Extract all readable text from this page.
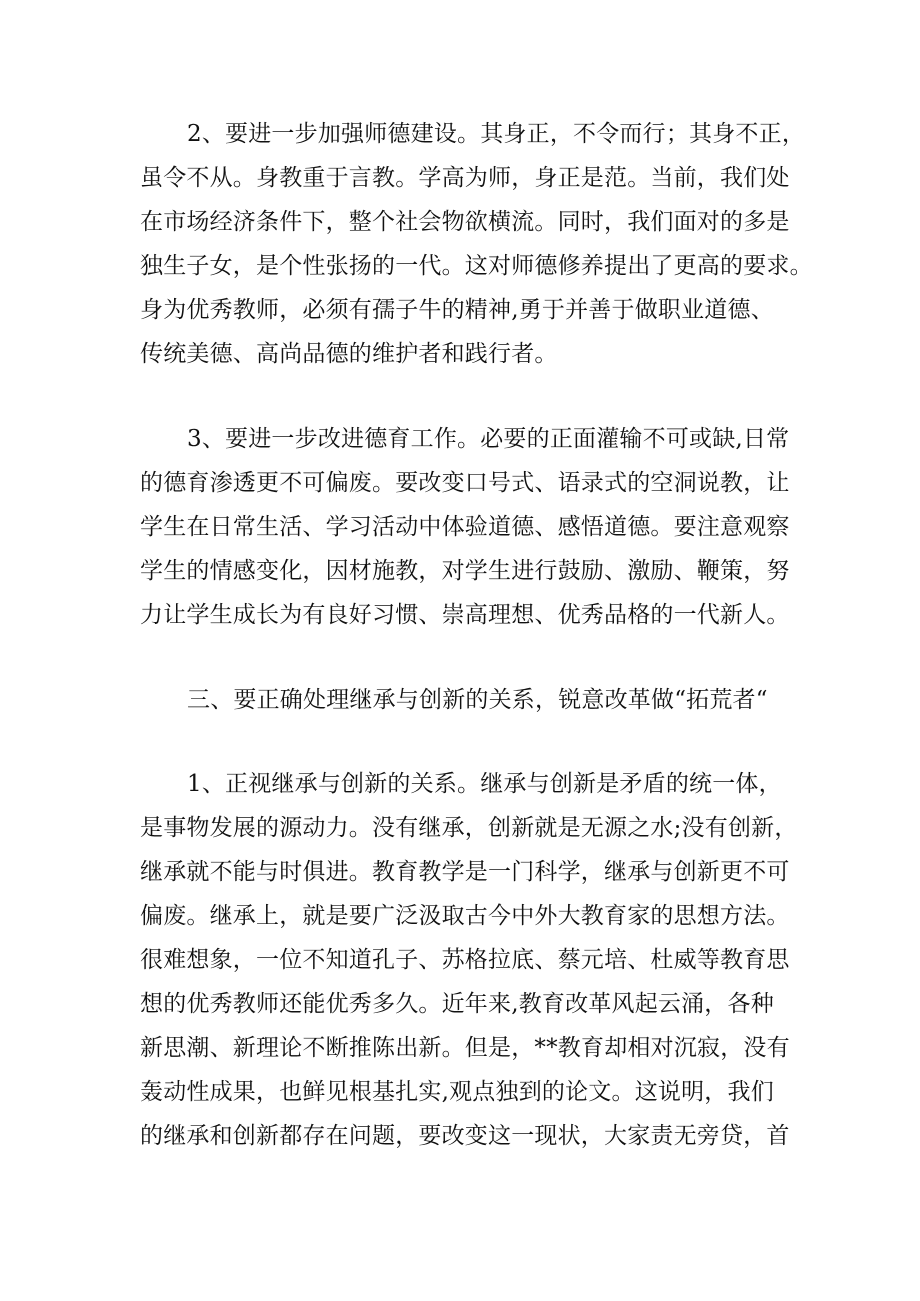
2、要进一步加强师德建设。其身正，不令而行；其身不正，
虽令不从。身教重于言教。学高为师，身正是范。当前，我们处
在市场经济条件下，整个社会物欲横流。同时，我们面对的多是
独生子女，是个性张扬的一代。这对师德修养提出了更高的要求。
身为优秀教师，必须有孺子牛的精神,勇于并善于做职业道德、
传统美德、高尚品德的维护者和践行者。
3、要进一步改进德育工作。必要的正面灌输不可或缺,日常
的德育渗透更不可偏废。要改变口号式、语录式的空洞说教，让
学生在日常生活、学习活动中体验道德、感悟道德。要注意观察
学生的情感变化，因材施教，对学生进行鼓励、激励、鞭策，努
力让学生成长为有良好习惯、崇高理想、优秀品格的一代新人。
三、要正确处理继承与创新的关系，锐意改革做“拓荒者“
1、正视继承与创新的关系。继承与创新是矛盾的统一体，
是事物发展的源动力。没有继承，创新就是无源之水;没有创新，
继承就不能与时俱进。教育教学是一门科学，继承与创新更不可
偏废。继承上，就是要广泛汲取古今中外大教育家的思想方法。
很难想象，一位不知道孔子、苏格拉底、蔡元培、杜威等教育思
想的优秀教师还能优秀多久。近年来,教育改革风起云涌，各种
新思潮、新理论不断推陈出新。但是，**教育却相对沉寂，没有
轰动性成果，也鲜见根基扎实,观点独到的论文。这说明，我们
的继承和创新都存在问题，要改变这一现状，大家责无旁贷，首
